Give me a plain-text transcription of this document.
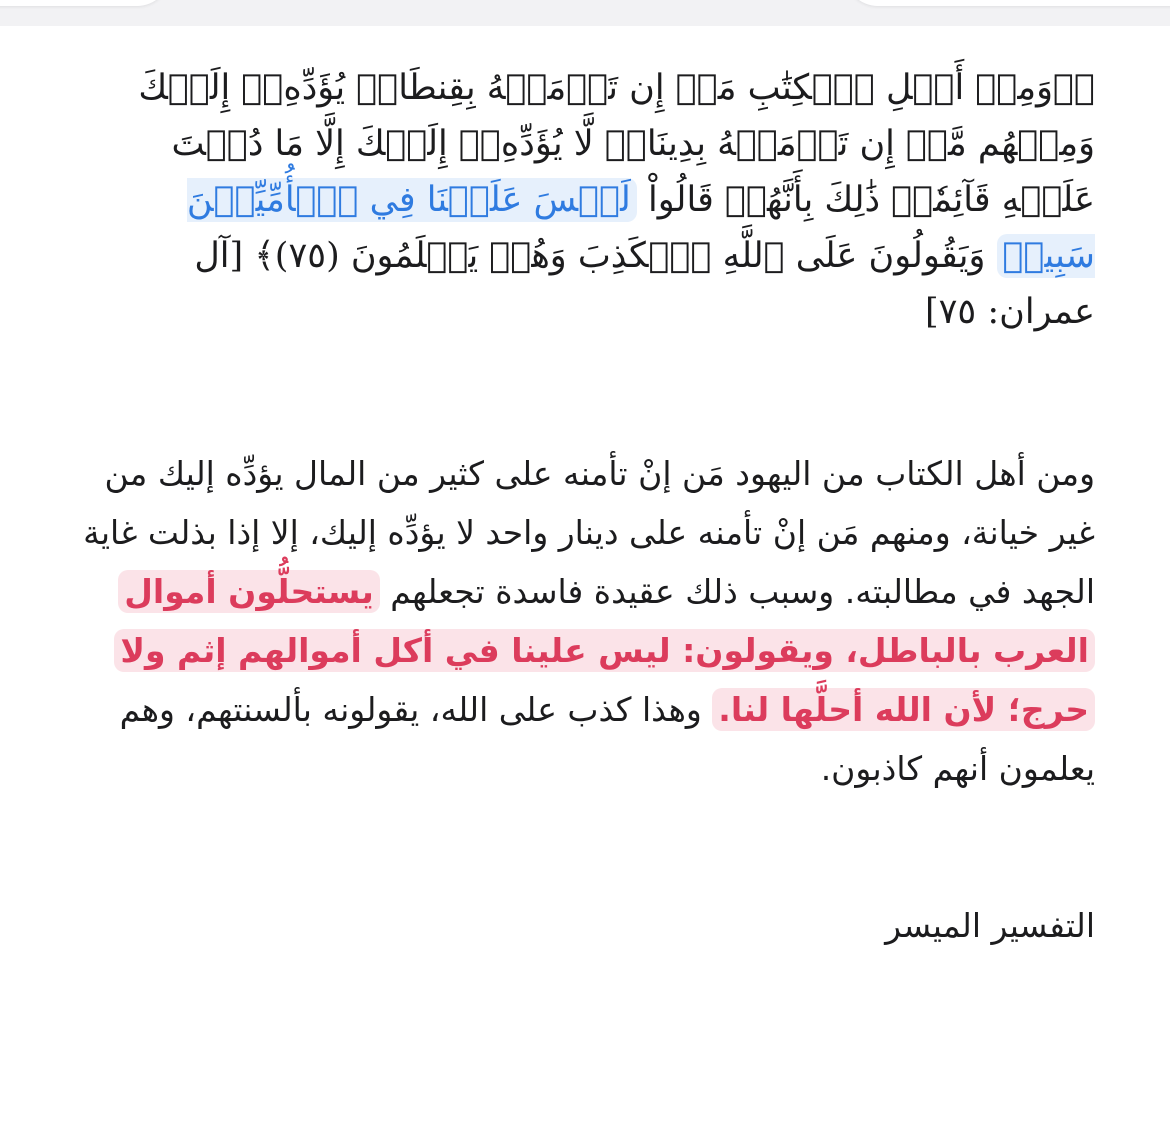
﴿۞وَمِنۡ أَهۡلِ ٱلۡكِتَٰبِ مَنۡ إِن تَأۡمَنۡهُ بِقِنطَارٖ يُؤَدِّهِۦٓ إِلَيۡكَ وَمِنۡهُم مَّنۡ إِن تَأۡمَنۡهُ بِدِينَارٖ لَّا يُؤَدِّهِۦٓ إِلَيۡكَ إِلَّا مَا دُمۡتَ عَلَيۡهِ قَآئِمٗاۗ ذَٰلِكَ بِأَنَّهُمۡ قَالُواْ لَيۡسَ عَلَيۡنَا فِي ٱلۡأُمِّيِّـۧنَ سَبِيلٞ وَيَقُولُونَ عَلَى ٱللَّهِ ٱلۡكَذِبَ وَهُمۡ يَعۡلَمُونَ (٧٥)﴾ [آل عمران: ٧٥]

ومن أهل الكتاب من اليهود مَن إنْ تأمنه على كثير من المال يؤدِّه إليك من غير خيانة، ومنهم مَن إنْ تأمنه على دينار واحد لا يؤدِّه إليك، إلا إذا بذلت غاية الجهد في مطالبته. وسبب ذلك عقيدة فاسدة تجعلهم يستحلُّون أموال العرب بالباطل، ويقولون: ليس علينا في أكل أموالهم إثم ولا حرج؛ لأن الله أحلَّها لنا. وهذا كذب على الله، يقولونه بألسنتهم، وهم يعلمون أنهم كاذبون.

التفسير الميسر
